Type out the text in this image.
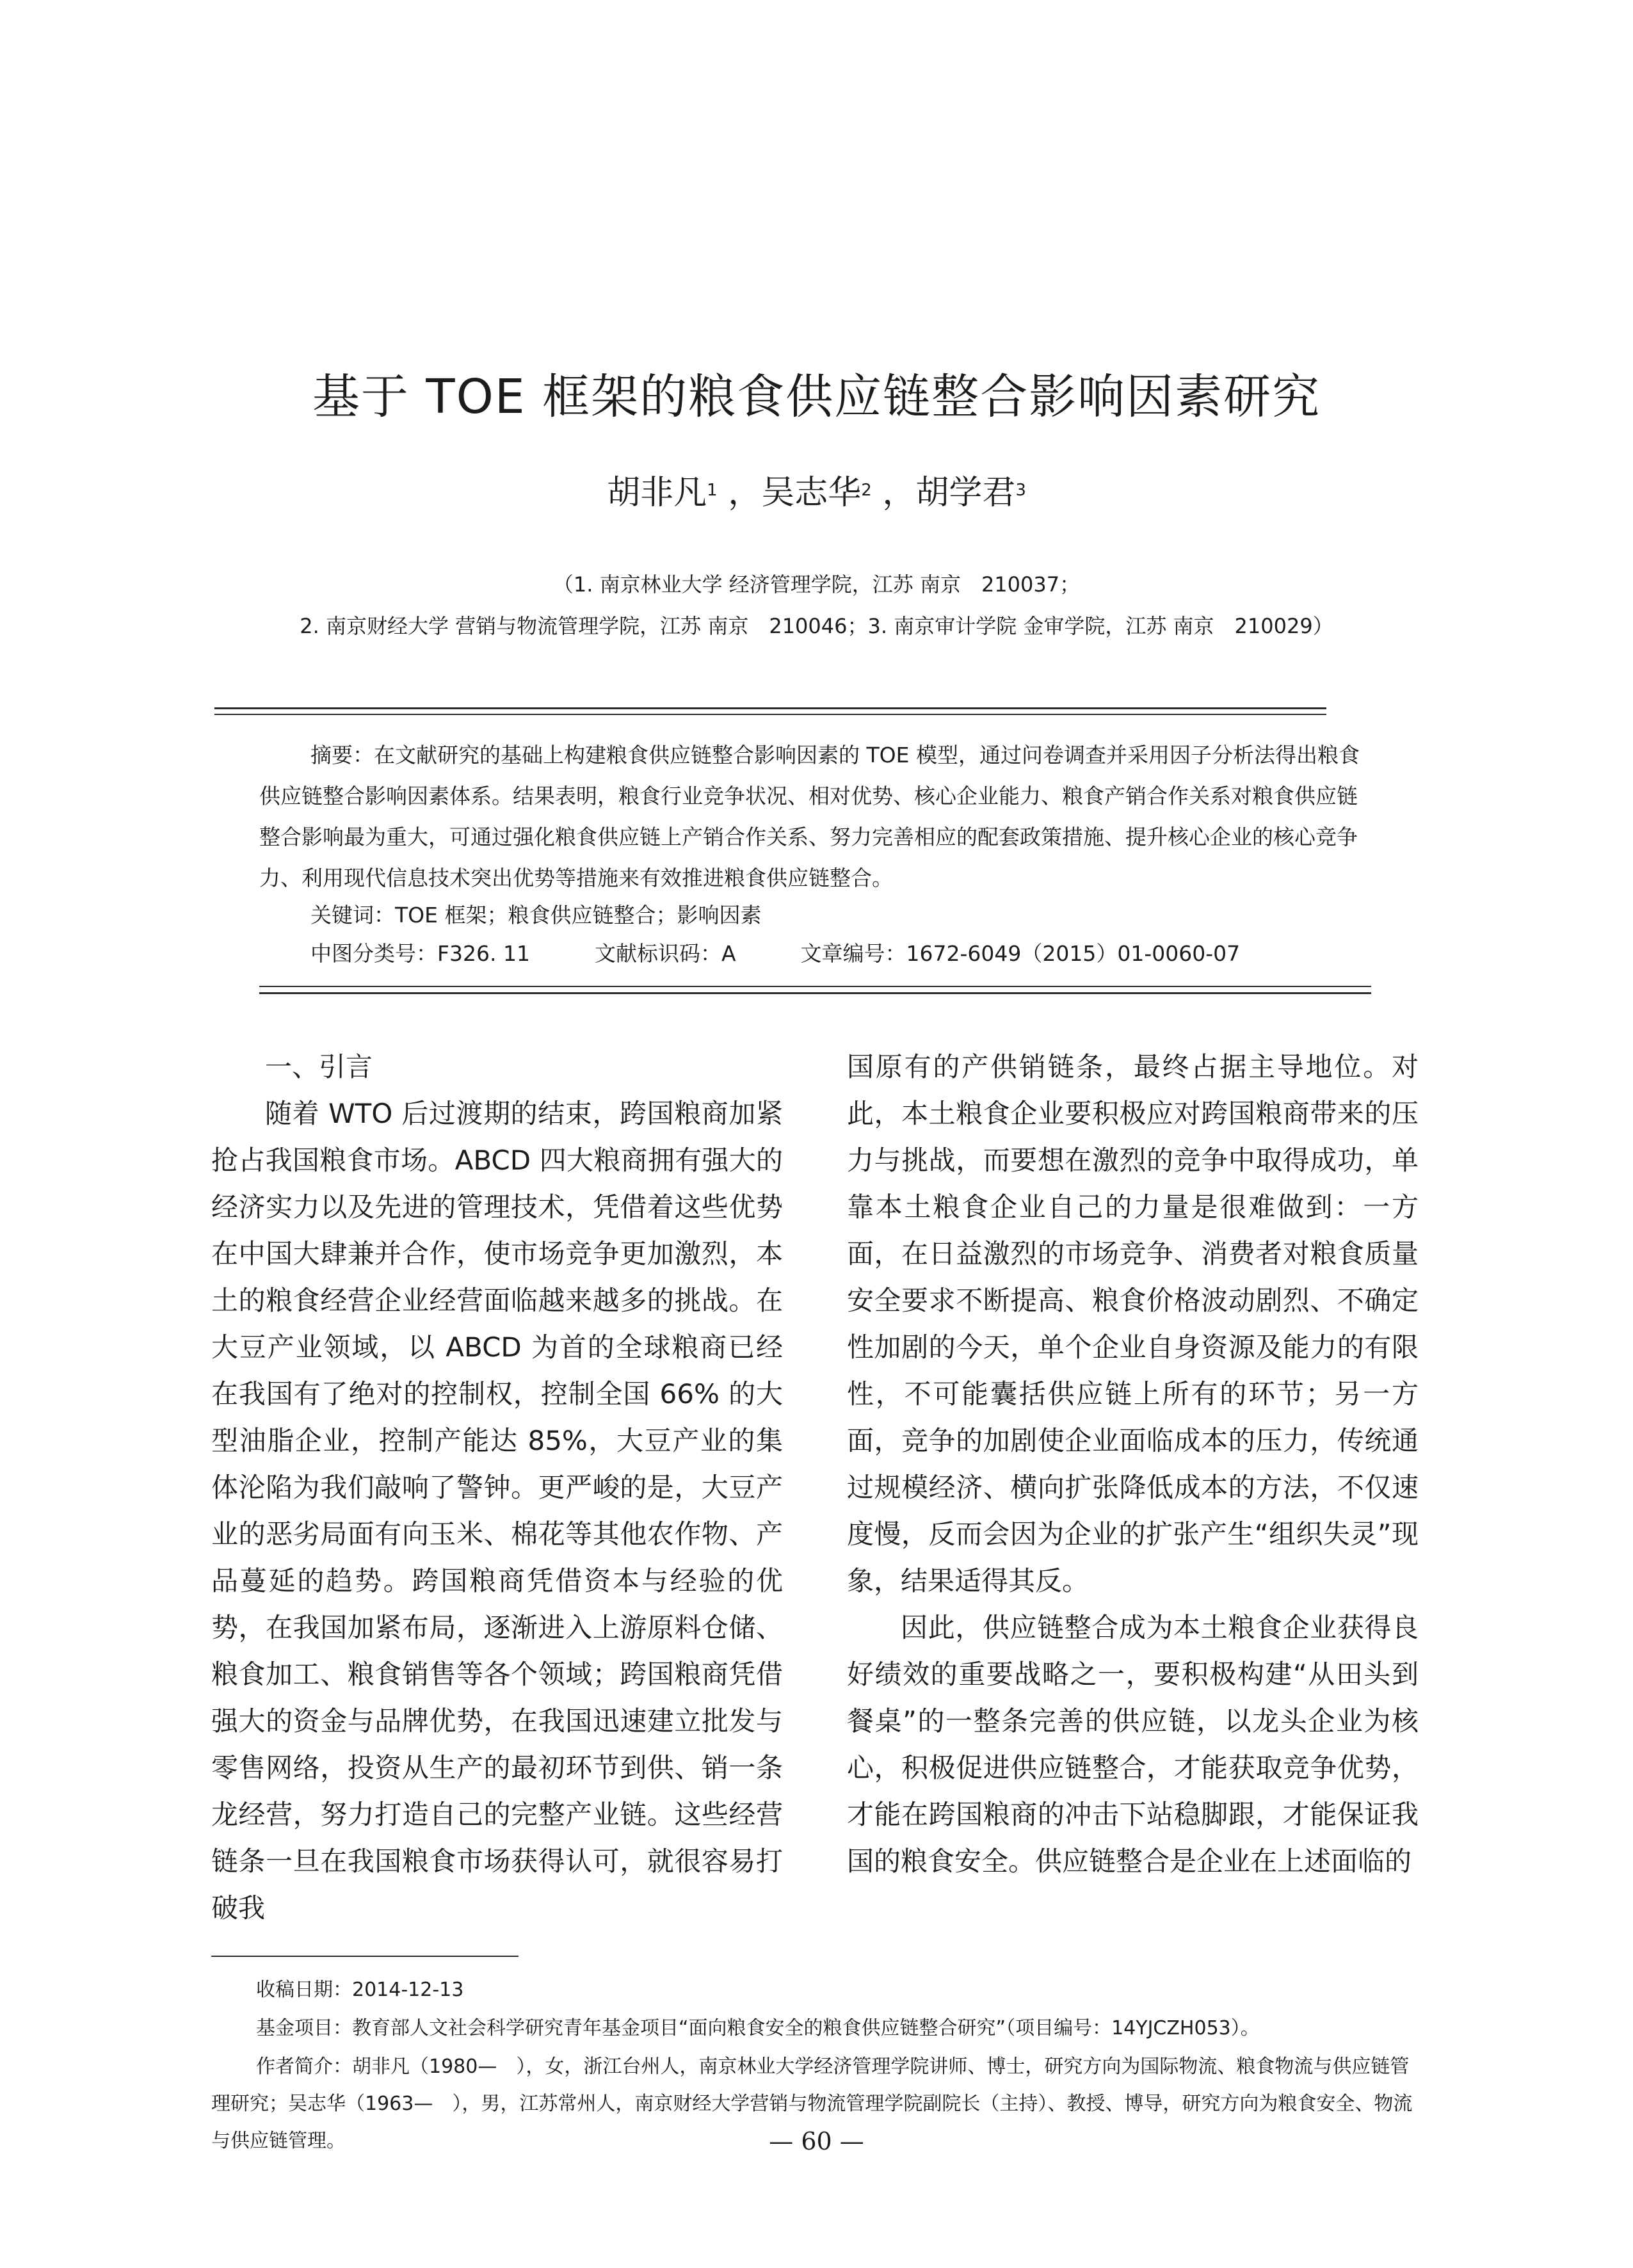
基于 TOE 框架的粮食供应链整合影响因素研究
胡非凡$^1$ ，吴志华$^2$ ，胡学君$^3$
（1. 南京林业大学 经济管理学院，江苏 南京　210037；
2. 南京财经大学 营销与物流管理学院，江苏 南京　210046；3. 南京审计学院 金审学院，江苏 南京　210029）

摘要：在文献研究的基础上构建粮食供应链整合影响因素的 TOE 模型，通过问卷调查并采用因子分析法得出粮食供应链整合影响因素体系。结果表明，粮食行业竞争状况、相对优势、核心企业能力、粮食产销合作关系对粮食供应链整合影响最为重大，可通过强化粮食供应链上产销合作关系、努力完善相应的配套政策措施、提升核心企业的核心竞争力、利用现代信息技术突出优势等措施来有效推进粮食供应链整合。

关键词：TOE 框架；粮食供应链整合；影响因素
中图分类号：F326. 11	文献标识码：A	文章编号：1672-6049（2015）01-0060-07
一、引言

随着 WTO 后过渡期的结束，跨国粮商加紧抢占我国粮食市场。ABCD 四大粮商拥有强大的经济实力以及先进的管理技术，凭借着这些优势在中国大肆兼并合作，使市场竞争更加激烈，本土的粮食经营企业经营面临越来越多的挑战。在大豆产业领域，以 ABCD 为首的全球粮商已经在我国有了绝对的控制权，控制全国 66% 的大型油脂企业，控制产能达 85%，大豆产业的集体沦陷为我们敲响了警钟。更严峻的是，大豆产业的恶劣局面有向玉米、棉花等其他农作物、产品蔓延的趋势。跨国粮商凭借资本与经验的优势，在我国加紧布局，逐渐进入上游原料仓储、粮食加工、粮食销售等各个领域；跨国粮商凭借强大的资金与品牌优势，在我国迅速建立批发与零售网络，投资从生产的最初环节到供、销一条龙经营，努力打造自己的完整产业链。这些经营链条一旦在我国粮食市场获得认可，就很容易打破我

国原有的产供销链条，最终占据主导地位。对此，本土粮食企业要积极应对跨国粮商带来的压力与挑战，而要想在激烈的竞争中取得成功，单靠本土粮食企业自己的力量是很难做到：一方面，在日益激烈的市场竞争、消费者对粮食质量安全要求不断提高、粮食价格波动剧烈、不确定性加剧的今天，单个企业自身资源及能力的有限性，不可能囊括供应链上所有的环节；另一方面，竞争的加剧使企业面临成本的压力，传统通过规模经济、横向扩张降低成本的方法，不仅速度慢，反而会因为企业的扩张产生“组织失灵”现象，结果适得其反。

因此，供应链整合成为本土粮食企业获得良好绩效的重要战略之一，要积极构建“从田头到餐桌”的一整条完善的供应链，以龙头企业为核心，积极促进供应链整合，才能获取竞争优势，才能在跨国粮商的冲击下站稳脚跟，才能保证我国的粮食安全。供应链整合是企业在上述面临的

收稿日期：2014-12-13
基金项目：教育部人文社会科学研究青年基金项目“面向粮食安全的粮食供应链整合研究”（项目编号：14YJCZH053）。
作者简介：胡非凡（1980—　），女，浙江台州人，南京林业大学经济管理学院讲师、博士，研究方向为国际物流、粮食物流与供应链管理研究；吴志华（1963—　），男，江苏常州人，南京财经大学营销与物流管理学院副院长（主持）、教授、博导，研究方向为粮食安全、物流与供应链管理。	— 60 —
